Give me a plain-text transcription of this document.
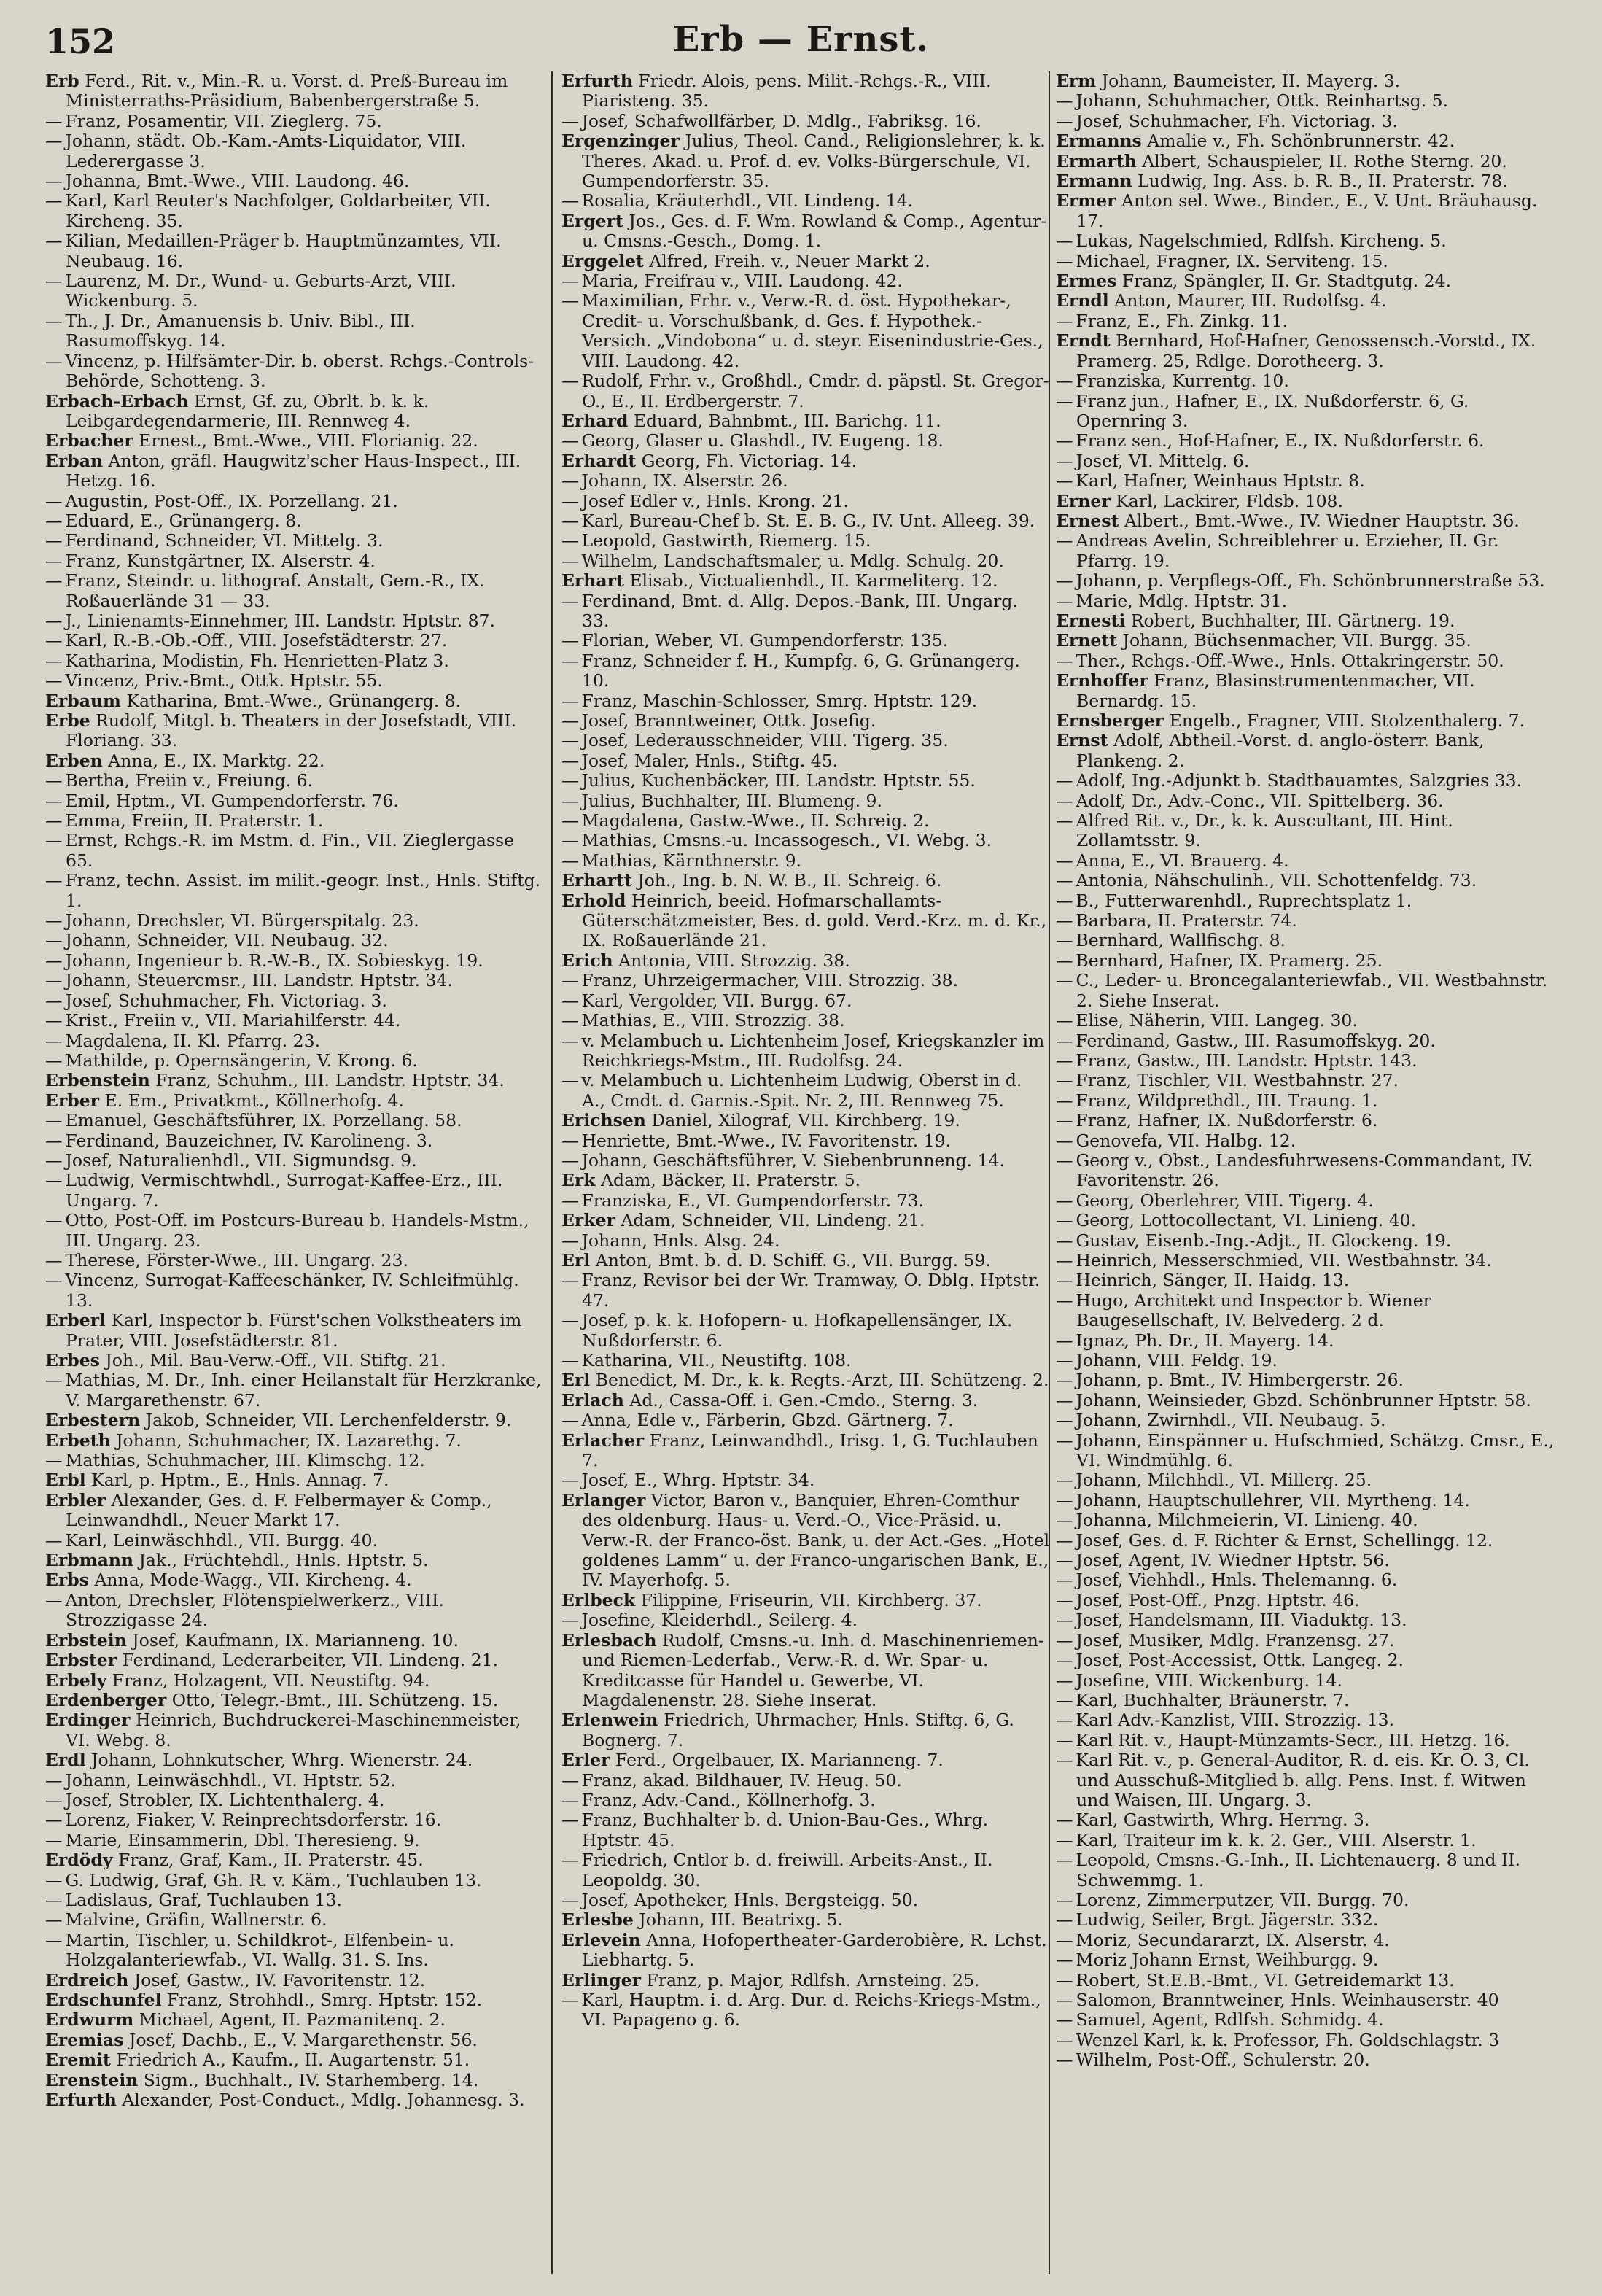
152	Erb — Ernst.

Erb Ferd., Rit. v., Min.-R. u. Vorst. d. Preß-Bureau im Ministerraths-Präsidium, Babenbergerstraße 5.

— Franz, Posamentir, VII. Zieglerg. 75.

— Johann, städt. Ob.-Kam.-Amts-Liquidator, VIII. Lederergasse 3.

— Johanna, Bmt.-Wwe., VIII. Laudong. 46.

— Karl, Karl Reuter's Nachfolger, Goldarbeiter, VII. Kircheng. 35.

— Kilian, Medaillen-Präger b. Hauptmünzamtes, VII. Neubaug. 16.

— Laurenz, M. Dr., Wund- u. Geburts-Arzt, VIII. Wickenburg. 5.

— Th., J. Dr., Amanuensis b. Univ. Bibl., III. Rasumoffskyg. 14.

— Vincenz, p. Hilfsämter-Dir. b. oberst. Rchgs.-Controls-Behörde, Schotteng. 3.

Erbach-Erbach Ernst, Gf. zu, Obrlt. b. k. k. Leibgardegendarmerie, III. Rennweg 4.

Erbacher Ernest., Bmt.-Wwe., VIII. Florianig. 22.

Erban Anton, gräfl. Haugwitz'scher Haus-Inspect., III. Hetzg. 16.

— Augustin, Post-Off., IX. Porzellang. 21.

— Eduard, E., Grünangerg. 8.

— Ferdinand, Schneider, VI. Mittelg. 3.

— Franz, Kunstgärtner, IX. Alserstr. 4.

— Franz, Steindr. u. lithograf. Anstalt, Gem.-R., IX. Roßauerlände 31 — 33.

— J., Linienamts-Einnehmer, III. Landstr. Hptstr. 87.

— Karl, R.-B.-Ob.-Off., VIII. Josefstädterstr. 27.

— Katharina, Modistin, Fh. Henrietten-Platz 3.

— Vincenz, Priv.-Bmt., Ottk. Hptstr. 55.

Erbaum Katharina, Bmt.-Wwe., Grünangerg. 8.

Erbe Rudolf, Mitgl. b. Theaters in der Josefstadt, VIII. Floriang. 33.

Erben Anna, E., IX. Marktg. 22.

— Bertha, Freiin v., Freiung. 6.

— Emil, Hptm., VI. Gumpendorferstr. 76.

— Emma, Freiin, II. Praterstr. 1.

— Ernst, Rchgs.-R. im Mstm. d. Fin., VII. Zieglergasse 65.

— Franz, techn. Assist. im milit.-geogr. Inst., Hnls. Stiftg. 1.

— Johann, Drechsler, VI. Bürgerspitalg. 23.

— Johann, Schneider, VII. Neubaug. 32.

— Johann, Ingenieur b. R.-W.-B., IX. Sobieskyg. 19.

— Johann, Steuercmsr., III. Landstr. Hptstr. 34.

— Josef, Schuhmacher, Fh. Victoriag. 3.

— Krist., Freiin v., VII. Mariahilferstr. 44.

— Magdalena, II. Kl. Pfarrg. 23.

— Mathilde, p. Opernsängerin, V. Krong. 6.

Erbenstein Franz, Schuhm., III. Landstr. Hptstr. 34.

Erber E. Em., Privatkmt., Köllnerhofg. 4.

— Emanuel, Geschäftsführer, IX. Porzellang. 58.

— Ferdinand, Bauzeichner, IV. Karolineng. 3.

— Josef, Naturalienhdl., VII. Sigmundsg. 9.

— Ludwig, Vermischtwhdl., Surrogat-Kaffee-Erz., III. Ungarg. 7.

— Otto, Post-Off. im Postcurs-Bureau b. Handels-Mstm., III. Ungarg. 23.

— Therese, Förster-Wwe., III. Ungarg. 23.

— Vincenz, Surrogat-Kaffeeschänker, IV. Schleifmühlg. 13.

Erberl Karl, Inspector b. Fürst'schen Volkstheaters im Prater, VIII. Josefstädterstr. 81.

Erbes Joh., Mil. Bau-Verw.-Off., VII. Stiftg. 21.

— Mathias, M. Dr., Inh. einer Heilanstalt für Herzkranke, V. Margarethenstr. 67.

Erbestern Jakob, Schneider, VII. Lerchenfelderstr. 9.

Erbeth Johann, Schuhmacher, IX. Lazarethg. 7.

— Mathias, Schuhmacher, III. Klimschg. 12.

Erbl Karl, p. Hptm., E., Hnls. Annag. 7.

Erbler Alexander, Ges. d. F. Felbermayer & Comp., Leinwandhdl., Neuer Markt 17.

— Karl, Leinwäschhdl., VII. Burgg. 40.

Erbmann Jak., Früchtehdl., Hnls. Hptstr. 5.

Erbs Anna, Mode-Wagg., VII. Kircheng. 4.

— Anton, Drechsler, Flötenspielwerkerz., VIII. Strozzigasse 24.

Erbstein Josef, Kaufmann, IX. Marianneng. 10.

Erbster Ferdinand, Lederarbeiter, VII. Lindeng. 21.

Erbely Franz, Holzagent, VII. Neustiftg. 94.

Erdenberger Otto, Telegr.-Bmt., III. Schützeng. 15.

Erdinger Heinrich, Buchdruckerei-Maschinenmeister, VI. Webg. 8.

Erdl Johann, Lohnkutscher, Whrg. Wienerstr. 24.

— Johann, Leinwäschhdl., VI. Hptstr. 52.

— Josef, Strobler, IX. Lichtenthalerg. 4.

— Lorenz, Fiaker, V. Reinprechtsdorferstr. 16.

— Marie, Einsammerin, Dbl. Theresieng. 9.

Erdödy Franz, Graf, Kam., II. Praterstr. 45.

— G. Ludwig, Graf, Gh. R. v. Käm., Tuchlauben 13.

— Ladislaus, Graf, Tuchlauben 13.

— Malvine, Gräfin, Wallnerstr. 6.

— Martin, Tischler, u. Schildkrot-, Elfenbein- u. Holzgalanteriewfab., VI. Wallg. 31. S. Ins.

Erdreich Josef, Gastw., IV. Favoritenstr. 12.

Erdschunfel Franz, Strohhdl., Smrg. Hptstr. 152.

Erdwurm Michael, Agent, II. Pazmanitenq. 2.

Eremias Josef, Dachb., E., V. Margarethenstr. 56.

Eremit Friedrich A., Kaufm., II. Augartenstr. 51.

Erenstein Sigm., Buchhalt., IV. Starhemberg. 14.

Erfurth Alexander, Post-Conduct., Mdlg. Johannesg. 3.

Erfurth Friedr. Alois, pens. Milit.-Rchgs.-R., VIII. Piaristeng. 35.

— Josef, Schafwollfärber, D. Mdlg., Fabriksg. 16.

Ergenzinger Julius, Theol. Cand., Religionslehrer, k. k. Theres. Akad. u. Prof. d. ev. Volks-Bürgerschule, VI. Gumpendorferstr. 35.

— Rosalia, Kräuterhdl., VII. Lindeng. 14.

Ergert Jos., Ges. d. F. Wm. Rowland & Comp., Agentur- u. Cmsns.-Gesch., Domg. 1.

Erggelet Alfred, Freih. v., Neuer Markt 2.

— Maria, Freifrau v., VIII. Laudong. 42.

— Maximilian, Frhr. v., Verw.-R. d. öst. Hypothekar-, Credit- u. Vorschußbank, d. Ges. f. Hypothek.-Versich. „Vindobona“ u. d. steyr. Eisenindustrie-Ges., VIII. Laudong. 42.

— Rudolf, Frhr. v., Großhdl., Cmdr. d. päpstl. St. Gregor-O., E., II. Erdbergerstr. 7.

Erhard Eduard, Bahnbmt., III. Barichg. 11.

— Georg, Glaser u. Glashdl., IV. Eugeng. 18.

Erhardt Georg, Fh. Victoriag. 14.

— Johann, IX. Alserstr. 26.

— Josef Edler v., Hnls. Krong. 21.

— Karl, Bureau-Chef b. St. E. B. G., IV. Unt. Alleeg. 39.

— Leopold, Gastwirth, Riemerg. 15.

— Wilhelm, Landschaftsmaler, u. Mdlg. Schulg. 20.

Erhart Elisab., Victualienhdl., II. Karmeliterg. 12.

— Ferdinand, Bmt. d. Allg. Depos.-Bank, III. Ungarg. 33.

— Florian, Weber, VI. Gumpendorferstr. 135.

— Franz, Schneider f. H., Kumpfg. 6, G. Grünangerg. 10.

— Franz, Maschin-Schlosser, Smrg. Hptstr. 129.

— Josef, Branntweiner, Ottk. Josefig.

— Josef, Lederausschneider, VIII. Tigerg. 35.

— Josef, Maler, Hnls., Stiftg. 45.

— Julius, Kuchenbäcker, III. Landstr. Hptstr. 55.

— Julius, Buchhalter, III. Blumeng. 9.

— Magdalena, Gastw.-Wwe., II. Schreig. 2.

— Mathias, Cmsns.-u. Incassogesch., VI. Webg. 3.

— Mathias, Kärnthnerstr. 9.

Erhartt Joh., Ing. b. N. W. B., II. Schreig. 6.

Erhold Heinrich, beeid. Hofmarschallamts-Güterschätzmeister, Bes. d. gold. Verd.-Krz. m. d. Kr., IX. Roßauerlände 21.

Erich Antonia, VIII. Strozzig. 38.

— Franz, Uhrzeigermacher, VIII. Strozzig. 38.

— Karl, Vergolder, VII. Burgg. 67.

— Mathias, E., VIII. Strozzig. 38.

— v. Melambuch u. Lichtenheim Josef, Kriegskanzler im Reichkriegs-Mstm., III. Rudolfsg. 24.

— v. Melambuch u. Lichtenheim Ludwig, Oberst in d. A., Cmdt. d. Garnis.-Spit. Nr. 2, III. Rennweg 75.

Erichsen Daniel, Xilograf, VII. Kirchberg. 19.

— Henriette, Bmt.-Wwe., IV. Favoritenstr. 19.

— Johann, Geschäftsführer, V. Siebenbrunneng. 14.

Erk Adam, Bäcker, II. Praterstr. 5.

— Franziska, E., VI. Gumpendorferstr. 73.

Erker Adam, Schneider, VII. Lindeng. 21.

— Johann, Hnls. Alsg. 24.

Erl Anton, Bmt. b. d. D. Schiff. G., VII. Burgg. 59.

— Franz, Revisor bei der Wr. Tramway, O. Dblg. Hptstr. 47.

— Josef, p. k. k. Hofopern- u. Hofkapellensänger, IX. Nußdorferstr. 6.

— Katharina, VII., Neustiftg. 108.

Erl Benedict, M. Dr., k. k. Regts.-Arzt, III. Schützeng. 2.

Erlach Ad., Cassa-Off. i. Gen.-Cmdo., Sterng. 3.

— Anna, Edle v., Färberin, Gbzd. Gärtnerg. 7.

Erlacher Franz, Leinwandhdl., Irisg. 1, G. Tuchlauben 7.

— Josef, E., Whrg. Hptstr. 34.

Erlanger Victor, Baron v., Banquier, Ehren-Comthur des oldenburg. Haus- u. Verd.-O., Vice-Präsid. u. Verw.-R. der Franco-öst. Bank, u. der Act.-Ges. „Hotel goldenes Lamm“ u. der Franco-ungarischen Bank, E., IV. Mayerhofg. 5.

Erlbeck Filippine, Friseurin, VII. Kirchberg. 37.

— Josefine, Kleiderhdl., Seilerg. 4.

Erlesbach Rudolf, Cmsns.-u. Inh. d. Maschinenriemen- und Riemen-Lederfab., Verw.-R. d. Wr. Spar- u. Kreditcasse für Handel u. Gewerbe, VI. Magdalenenstr. 28. Siehe Inserat.

Erlenwein Friedrich, Uhrmacher, Hnls. Stiftg. 6, G. Bognerg. 7.

Erler Ferd., Orgelbauer, IX. Marianneng. 7.

— Franz, akad. Bildhauer, IV. Heug. 50.

— Franz, Adv.-Cand., Köllnerhofg. 3.

— Franz, Buchhalter b. d. Union-Bau-Ges., Whrg. Hptstr. 45.

— Friedrich, Cntlor b. d. freiwill. Arbeits-Anst., II. Leopoldg. 30.

— Josef, Apotheker, Hnls. Bergsteigg. 50.

Erlesbe Johann, III. Beatrixg. 5.

Erlevein Anna, Hofopertheater-Garderobière, R. Lchst. Liebhartg. 5.

Erlinger Franz, p. Major, Rdlfsh. Arnsteing. 25.

— Karl, Hauptm. i. d. Arg. Dur. d. Reichs-Kriegs-Mstm., VI. Papageno g. 6.

Erm Johann, Baumeister, II. Mayerg. 3.

— Johann, Schuhmacher, Ottk. Reinhartsg. 5.

— Josef, Schuhmacher, Fh. Victoriag. 3.

Ermanns Amalie v., Fh. Schönbrunnerstr. 42.

Ermarth Albert, Schauspieler, II. Rothe Sterng. 20.

Ermann Ludwig, Ing. Ass. b. R. B., II. Praterstr. 78.

Ermer Anton sel. Wwe., Binder., E., V. Unt. Bräuhausg. 17.

— Lukas, Nagelschmied, Rdlfsh. Kircheng. 5.

— Michael, Fragner, IX. Serviteng. 15.

Ermes Franz, Spängler, II. Gr. Stadtgutg. 24.

Erndl Anton, Maurer, III. Rudolfsg. 4.

— Franz, E., Fh. Zinkg. 11.

Erndt Bernhard, Hof-Hafner, Genossensch.-Vorstd., IX. Pramerg. 25, Rdlge. Dorotheerg. 3.

— Franziska, Kurrentg. 10.

— Franz jun., Hafner, E., IX. Nußdorferstr. 6, G. Opernring 3.

— Franz sen., Hof-Hafner, E., IX. Nußdorferstr. 6.

— Josef, VI. Mittelg. 6.

— Karl, Hafner, Weinhaus Hptstr. 8.

Erner Karl, Lackirer, Fldsb. 108.

Ernest Albert., Bmt.-Wwe., IV. Wiedner Hauptstr. 36.

— Andreas Avelin, Schreiblehrer u. Erzieher, II. Gr. Pfarrg. 19.

— Johann, p. Verpflegs-Off., Fh. Schönbrunnerstraße 53.

— Marie, Mdlg. Hptstr. 31.

Ernesti Robert, Buchhalter, III. Gärtnerg. 19.

Ernett Johann, Büchsenmacher, VII. Burgg. 35.

— Ther., Rchgs.-Off.-Wwe., Hnls. Ottakringerstr. 50.

Ernhoffer Franz, Blasinstrumentenmacher, VII. Bernardg. 15.

Ernsberger Engelb., Fragner, VIII. Stolzenthalerg. 7.

Ernst Adolf, Abtheil.-Vorst. d. anglo-österr. Bank, Plankeng. 2.

— Adolf, Ing.-Adjunkt b. Stadtbauamtes, Salzgries 33.

— Adolf, Dr., Adv.-Conc., VII. Spittelberg. 36.

— Alfred Rit. v., Dr., k. k. Auscultant, III. Hint. Zollamtsstr. 9.

— Anna, E., VI. Brauerg. 4.

— Antonia, Nähschulinh., VII. Schottenfeldg. 73.

— B., Futterwarenhdl., Ruprechtsplatz 1.

— Barbara, II. Praterstr. 74.

— Bernhard, Wallfischg. 8.

— Bernhard, Hafner, IX. Pramerg. 25.

— C., Leder- u. Broncegalanteriewfab., VII. Westbahnstr. 2. Siehe Inserat.

— Elise, Näherin, VIII. Langeg. 30.

— Ferdinand, Gastw., III. Rasumoffskyg. 20.

— Franz, Gastw., III. Landstr. Hptstr. 143.

— Franz, Tischler, VII. Westbahnstr. 27.

— Franz, Wildprethdl., III. Traung. 1.

— Franz, Hafner, IX. Nußdorferstr. 6.

— Genovefa, VII. Halbg. 12.

— Georg v., Obst., Landesfuhrwesens-Commandant, IV. Favoritenstr. 26.

— Georg, Oberlehrer, VIII. Tigerg. 4.

— Georg, Lottocollectant, VI. Linieng. 40.

— Gustav, Eisenb.-Ing.-Adjt., II. Glockeng. 19.

— Heinrich, Messerschmied, VII. Westbahnstr. 34.

— Heinrich, Sänger, II. Haidg. 13.

— Hugo, Architekt und Inspector b. Wiener Baugesellschaft, IV. Belvederg. 2 d.

— Ignaz, Ph. Dr., II. Mayerg. 14.

— Johann, VIII. Feldg. 19.

— Johann, p. Bmt., IV. Himbergerstr. 26.

— Johann, Weinsieder, Gbzd. Schönbrunner Hptstr. 58.

— Johann, Zwirnhdl., VII. Neubaug. 5.

— Johann, Einspänner u. Hufschmied, Schätzg. Cmsr., E., VI. Windmühlg. 6.

— Johann, Milchhdl., VI. Millerg. 25.

— Johann, Hauptschullehrer, VII. Myrtheng. 14.

— Johanna, Milchmeierin, VI. Linieng. 40.

— Josef, Ges. d. F. Richter & Ernst, Schellingg. 12.

— Josef, Agent, IV. Wiedner Hptstr. 56.

— Josef, Viehhdl., Hnls. Thelemanng. 6.

— Josef, Post-Off., Pnzg. Hptstr. 46.

— Josef, Handelsmann, III. Viaduktg. 13.

— Josef, Musiker, Mdlg. Franzensg. 27.

— Josef, Post-Accessist, Ottk. Langeg. 2.

— Josefine, VIII. Wickenburg. 14.

— Karl, Buchhalter, Bräunerstr. 7.

— Karl Adv.-Kanzlist, VIII. Strozzig. 13.

— Karl Rit. v., Haupt-Münzamts-Secr., III. Hetzg. 16.

— Karl Rit. v., p. General-Auditor, R. d. eis. Kr. O. 3, Cl. und Ausschuß-Mitglied b. allg. Pens. Inst. f. Witwen und Waisen, III. Ungarg. 3.

— Karl, Gastwirth, Whrg. Herrng. 3.

— Karl, Traiteur im k. k. 2. Ger., VIII. Alserstr. 1.

— Leopold, Cmsns.-G.-Inh., II. Lichtenauerg. 8 und II. Schwemmg. 1.

— Lorenz, Zimmerputzer, VII. Burgg. 70.

— Ludwig, Seiler, Brgt. Jägerstr. 332.

— Moriz, Secundararzt, IX. Alserstr. 4.

— Moriz Johann Ernst, Weihburgg. 9.

— Robert, St.E.B.-Bmt., VI. Getreidemarkt 13.

— Salomon, Branntweiner, Hnls. Weinhauserstr. 40

— Samuel, Agent, Rdlfsh. Schmidg. 4.

— Wenzel Karl, k. k. Professor, Fh. Goldschlagstr. 3

— Wilhelm, Post-Off., Schulerstr. 20.
